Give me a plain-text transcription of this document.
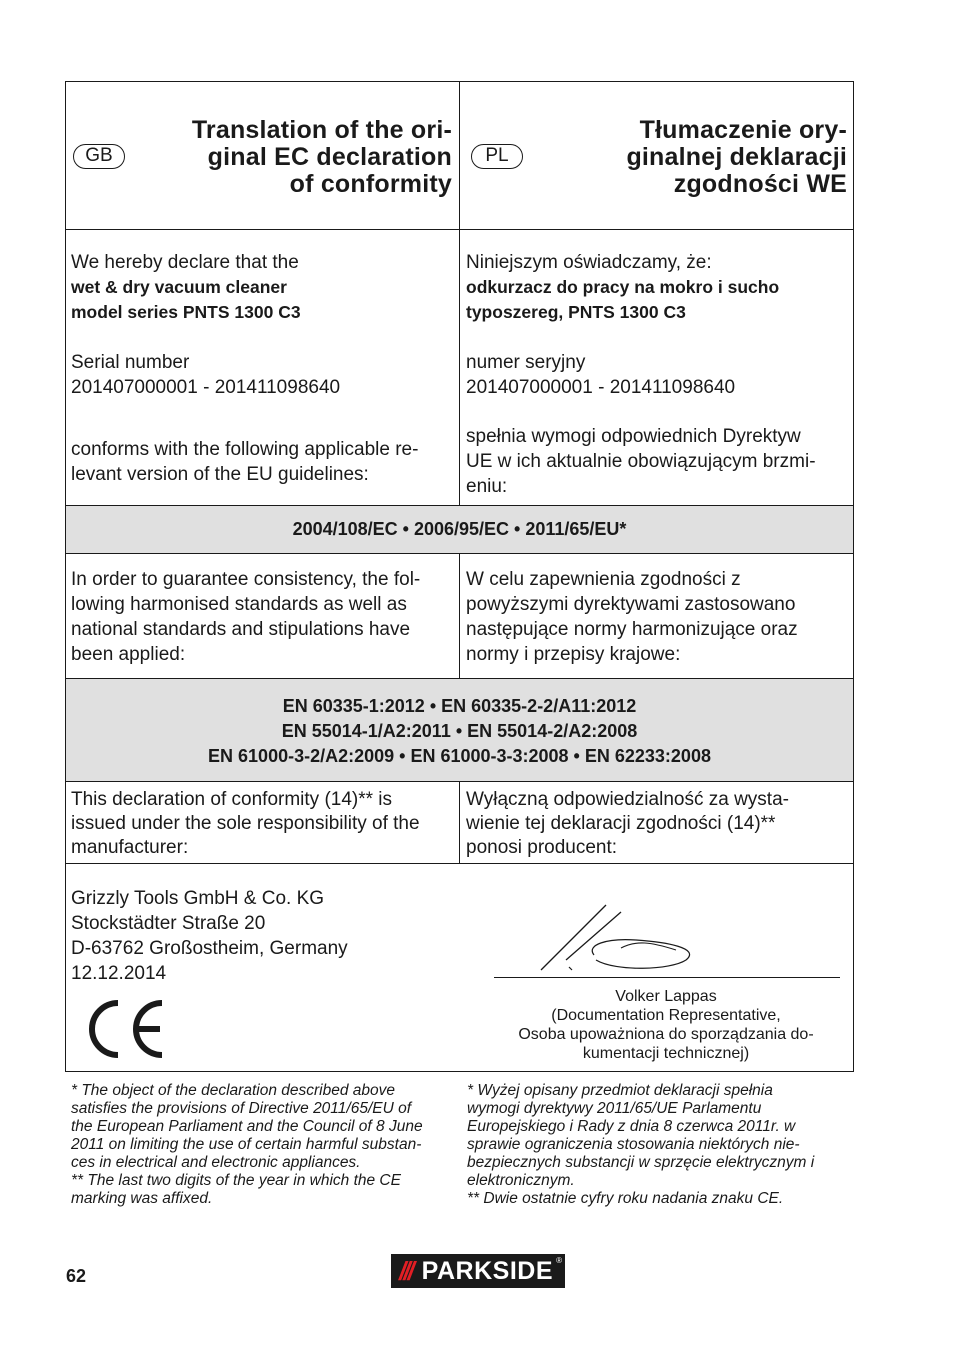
GB
Translation of the ori-
ginal EC declaration
of conformity
PL
Tłumaczenie ory-
ginalnej deklaracji
zgodności WE
We hereby declare that the
wet & dry vacuum cleaner
model series PNTS 1300 C3
Serial number
201407000001 - 201411098640
conforms with the following applicable re-
levant version of the EU guidelines:
Niniejszym oświadczamy, że:
odkurzacz do pracy na mokro i sucho
typoszereg, PNTS 1300 C3
numer seryjny
201407000001 - 201411098640
spełnia wymogi odpowiednich Dyrektyw
UE w ich aktualnie obowiązującym brzmi-
eniu:
2004/108/EC • 2006/95/EC • 2011/65/EU*
In order to guarantee consistency, the fol-
lowing harmonised standards as well as
national standards and stipulations have
been applied:
W celu zapewnienia zgodności z
powyższymi dyrektywami zastosowano
następujące normy harmonizujące oraz
normy i przepisy krajowe:
EN 60335-1:2012 • EN 60335-2-2/A11:2012
EN 55014-1/A2:2011 • EN 55014-2/A2:2008
EN 61000-3-2/A2:2009 • EN 61000-3-3:2008 • EN 62233:2008
This declaration of conformity (14)** is
issued under the sole responsibility of the
manufacturer:
Wyłączną odpowiedzialność za wysta-
wienie tej deklaracji zgodności (14)**
ponosi producent:
Grizzly Tools GmbH & Co. KG
Stockstädter Straße 20
D-63762 Großostheim, Germany
12.12.2014
Volker Lappas
(Documentation Representative,
Osoba upoważniona do sporządzania do-
kumentacji technicznej)
* The object of the declaration described above
satisfies the provisions of Directive 2011/65/EU of
the European Parliament and the Council of 8 June
2011 on limiting the use of certain harmful substan-
ces in electrical and electronic appliances.
** The last two digits of the year in which the CE
marking was affixed.
* Wyżej opisany przedmiot deklaracji spełnia
wymogi dyrektywy 2011/65/UE Parlamentu
Europejskiego i Rady z dnia 8 czerwca 2011r. w
sprawie ograniczenia stosowania niektórych nie-
bezpiecznych substancji w sprzęcie elektrycznym i
elektronicznym.
** Dwie ostatnie cyfry roku nadania znaku CE.
62	/// PARKSIDE ®
